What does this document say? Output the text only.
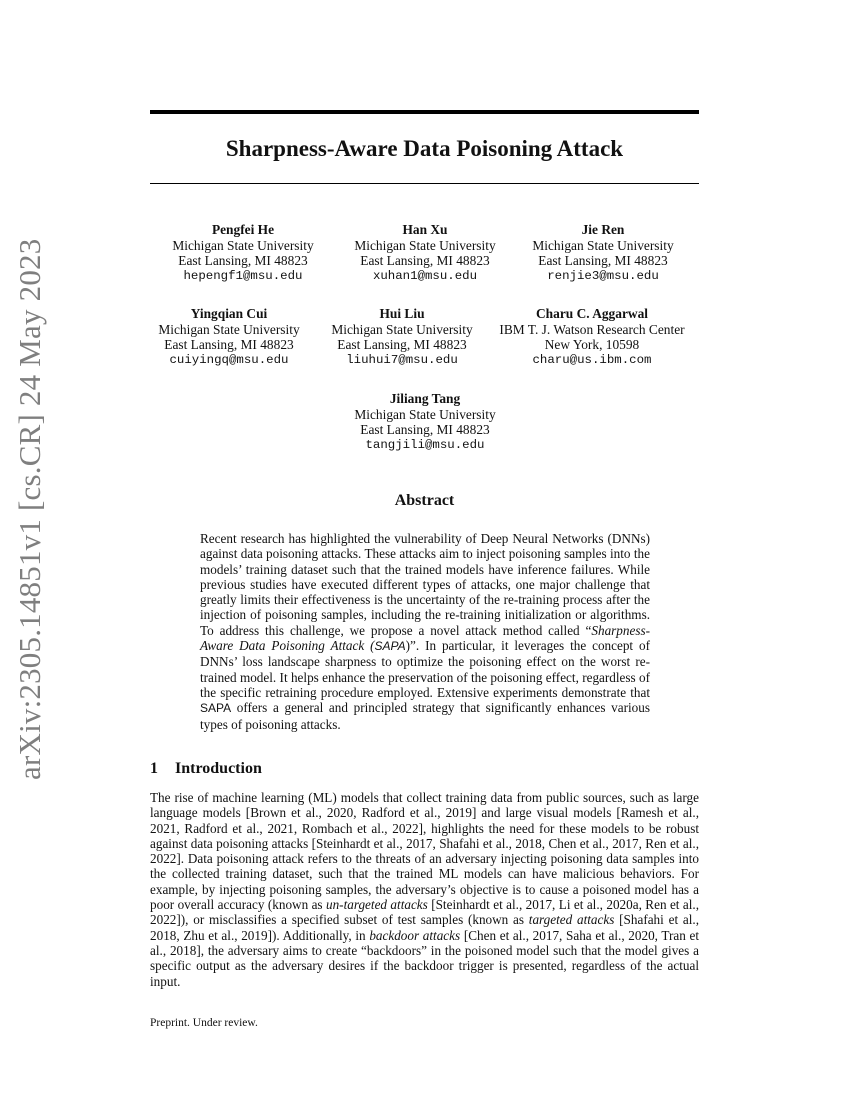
arXiv:2305.14851v1 [cs.CR] 24 May 2023
Sharpness-Aware Data Poisoning Attack
Pengfei He
Michigan State University
East Lansing, MI 48823
hepengf1@msu.edu
Han Xu
Michigan State University
East Lansing, MI 48823
xuhan1@msu.edu
Jie Ren
Michigan State University
East Lansing, MI 48823
renjie3@msu.edu
Yingqian Cui
Michigan State University
East Lansing, MI 48823
cuiyingq@msu.edu
Hui Liu
Michigan State University
East Lansing, MI 48823
liuhui7@msu.edu
Charu C. Aggarwal
IBM T. J. Watson Research Center
New York, 10598
charu@us.ibm.com
Jiliang Tang
Michigan State University
East Lansing, MI 48823
tangjili@msu.edu
Abstract
Recent research has highlighted the vulnerability of Deep Neural Networks (DNNs) against data poisoning attacks. These attacks aim to inject poisoning samples into the models’ training dataset such that the trained models have inference failures. While previous studies have executed different types of attacks, one major challenge that greatly limits their effectiveness is the uncertainty of the re-training process after the injection of poisoning samples, including the re-training initialization or algorithms. To address this challenge, we propose a novel attack method called “Sharpness-Aware Data Poisoning Attack (SAPA)”. In particular, it leverages the concept of DNNs’ loss landscape sharpness to optimize the poisoning effect on the worst re-trained model. It helps enhance the preservation of the poisoning effect, regardless of the specific retraining procedure employed. Extensive experiments demonstrate that SAPA offers a general and principled strategy that significantly enhances various types of poisoning attacks.
1 Introduction
The rise of machine learning (ML) models that collect training data from public sources, such as large language models [Brown et al., 2020, Radford et al., 2019] and large visual models [Ramesh et al., 2021, Radford et al., 2021, Rombach et al., 2022], highlights the need for these models to be robust against data poisoning attacks [Steinhardt et al., 2017, Shafahi et al., 2018, Chen et al., 2017, Ren et al., 2022]. Data poisoning attack refers to the threats of an adversary injecting poisoning data samples into the collected training dataset, such that the trained ML models can have malicious behaviors. For example, by injecting poisoning samples, the adversary’s objective is to cause a poisoned model has a poor overall accuracy (known as un-targeted attacks [Steinhardt et al., 2017, Li et al., 2020a, Ren et al., 2022]), or misclassifies a specified subset of test samples (known as targeted attacks [Shafahi et al., 2018, Zhu et al., 2019]). Additionally, in backdoor attacks [Chen et al., 2017, Saha et al., 2020, Tran et al., 2018], the adversary aims to create “backdoors” in the poisoned model such that the model gives a specific output as the adversary desires if the backdoor trigger is presented, regardless of the actual input.
Preprint. Under review.
